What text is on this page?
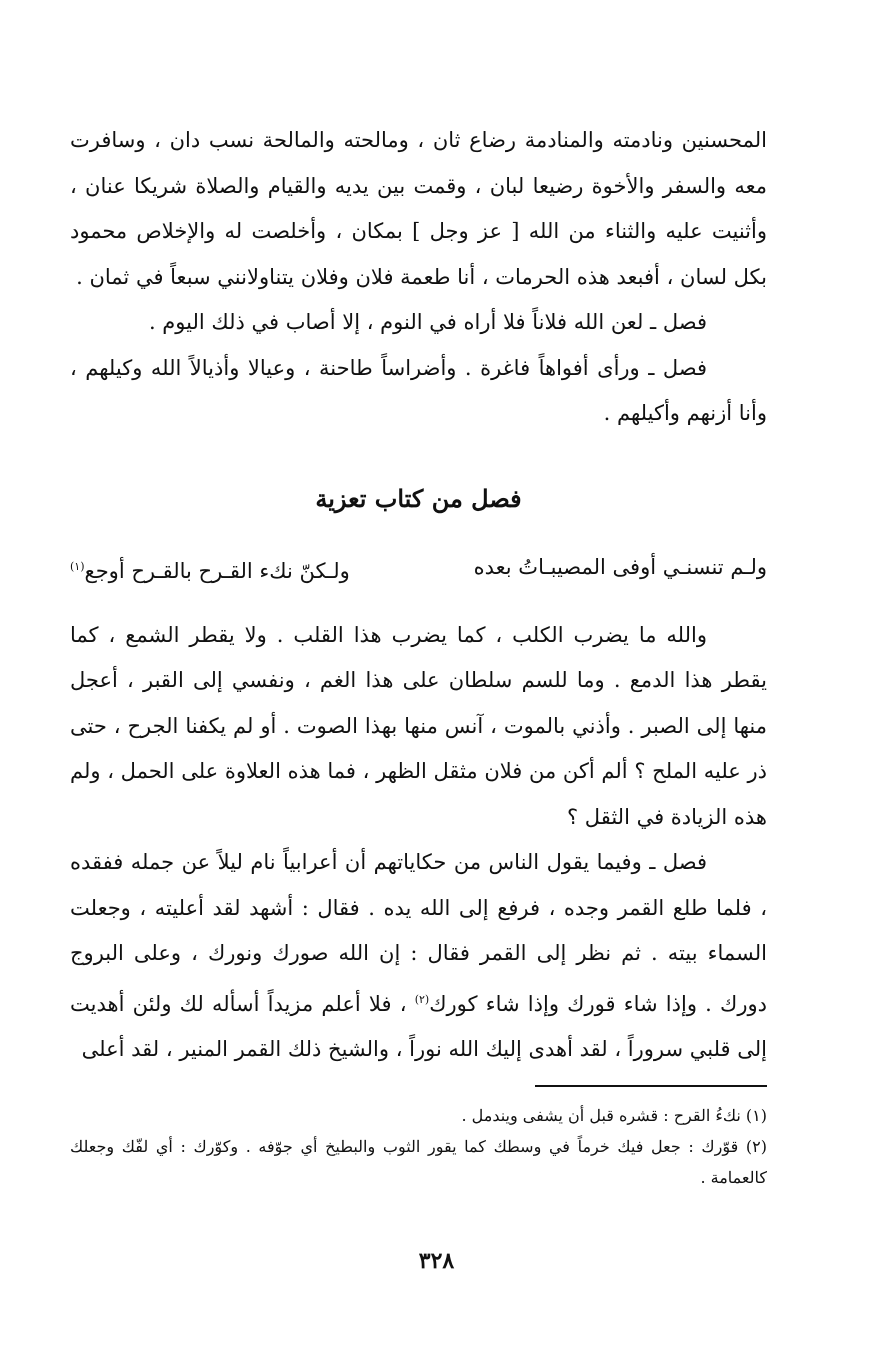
المحسنين ونادمته والمنادمة رضاع ثان ، ومالحته والمالحة نسب دان ، وسافرت معه والسفر والأخوة رضيعا لبان ، وقمت بين يديه والقيام والصلاة شريكا عنان ، وأثنيت عليه والثناء من الله [ عز وجل ] بمكان ، وأخلصت له والإخلاص محمود بكل لسان ، أفبعد هذه الحرمات ، أنا طعمة فلان وفلان يتناولانني سبعاً في ثمان .

فصل ـ لعن الله فلاناً فلا أراه في النوم ، إلا أصاب في ذلك اليوم .

فصل ـ ورأى أفواهاً فاغرة . وأضراساً طاحنة ، وعيالا وأذيالاً الله وكيلهم ، وأنا أزنهم وأكيلهم .

فصل من كتاب تعزية
ولـم تنسنـي أوفى المصيبـاتُ بعده
ولـكنّ نكء القـرح بالقـرح أوجع$^{(١)}$

والله ما يضرب الكلب ، كما يضرب هذا القلب . ولا يقطر الشمع ، كما يقطر هذا الدمع . وما للسم سلطان على هذا الغم ، ونفسي إلى القبر ، أعجل منها إلى الصبر . وأذني بالموت ، آنس منها بهذا الصوت . أو لم يكفنا الجرح ، حتى ذر عليه الملح ؟ ألم أكن من فلان مثقل الظهر ، فما هذه العلاوة على الحمل ، ولم هذه الزيادة في الثقل ؟

فصل ـ وفيما يقول الناس من حكاياتهم أن أعرابياً نام ليلاً عن جمله ففقده ، فلما طلع القمر وجده ، فرفع إلى الله يده . فقال : أشهد لقد أعليته ، وجعلت السماء بيته . ثم نظر إلى القمر فقال : إن الله صورك ونورك ، وعلى البروج دورك . وإذا شاء قورك وإذا شاء كورك$^{(٢)}$ ، فلا أعلم مزيداً أسأله لك ولئن أهديت إلى قلبي سروراً ، لقد أهدى إليك الله نوراً ، والشيخ ذلك القمر المنير ، لقد أعلى

(١) نكءُ القرح : قشره قبل أن يشفى ويندمل .

(٢) قوّرك : جعل فيك خرماً في وسطك كما يقور الثوب والبطيخ أي جوّفه . وكوّرك : أي لفّك وجعلك كالعمامة .

٣٢٨
